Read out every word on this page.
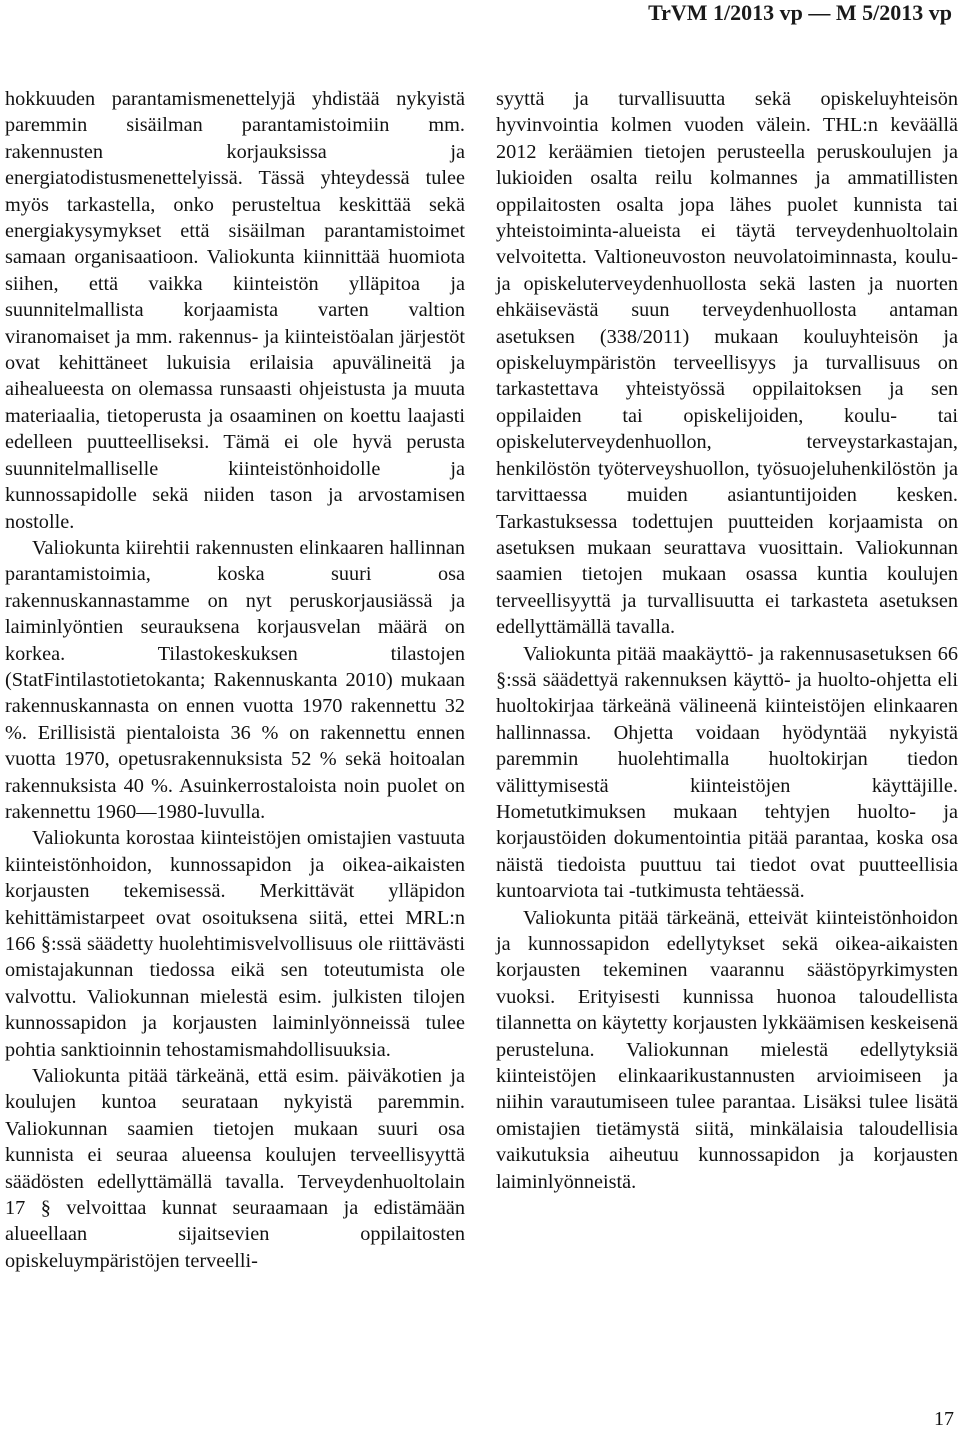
TrVM 1/2013 vp — M 5/2013 vp

hokkuuden parantamismenettelyjä yhdistää nykyistä paremmin sisäilman parantamistoimiin mm. rakennusten korjauksissa ja energiatodistusmenettelyissä. Tässä yhteydessä tulee myös tarkastella, onko perusteltua keskittää sekä energiakysymykset että sisäilman parantamistoimet samaan organisaatioon. Valiokunta kiinnittää huomiota siihen, että vaikka kiinteistön ylläpitoa ja suunnitelmallista korjaamista varten valtion viranomaiset ja mm. rakennus- ja kiinteistöalan järjestöt ovat kehittäneet lukuisia erilaisia apuvälineitä ja aihealueesta on olemassa runsaasti ohjeistusta ja muuta materiaalia, tietoperusta ja osaaminen on koettu laajasti edelleen puutteelliseksi. Tämä ei ole hyvä perusta suunnitelmalliselle kiinteistönhoidolle ja kunnossapidolle sekä niiden tason ja arvostamisen nostolle.

Valiokunta kiirehtii rakennusten elinkaaren hallinnan parantamistoimia, koska suuri osa rakennuskannastamme on nyt peruskorjausiässä ja laiminlyöntien seurauksena korjausvelan määrä on korkea. Tilastokeskuksen tilastojen (StatFintilastotietokanta; Rakennuskanta 2010) mukaan rakennuskannasta on ennen vuotta 1970 rakennettu 32 %. Erillisistä pientaloista 36 % on rakennettu ennen vuotta 1970, opetusrakennuksista 52 % sekä hoitoalan rakennuksista 40 %. Asuinkerrostaloista noin puolet on rakennettu 1960—1980-luvulla.

Valiokunta korostaa kiinteistöjen omistajien vastuuta kiinteistönhoidon, kunnossapidon ja oikea-aikaisten korjausten tekemisessä. Merkittävät ylläpidon kehittämistarpeet ovat osoituksena siitä, ettei MRL:n 166 §:ssä säädetty huolehtimisvelvollisuus ole riittävästi omistajakunnan tiedossa eikä sen toteutumista ole valvottu. Valiokunnan mielestä esim. julkisten tilojen kunnossapidon ja korjausten laiminlyönneissä tulee pohtia sanktioinnin tehostamismahdollisuuksia.

Valiokunta pitää tärkeänä, että esim. päiväkotien ja koulujen kuntoa seurataan nykyistä paremmin. Valiokunnan saamien tietojen mukaan suuri osa kunnista ei seuraa alueensa koulujen terveellisyyttä säädösten edellyttämällä tavalla. Terveydenhuoltolain 17 § velvoittaa kunnat seuraamaan ja edistämään alueellaan sijaitsevien oppilaitosten opiskeluympäristöjen terveelli-

syyttä ja turvallisuutta sekä opiskeluyhteisön hyvinvointia kolmen vuoden välein. THL:n keväällä 2012 keräämien tietojen perusteella peruskoulujen ja lukioiden osalta reilu kolmannes ja ammatillisten oppilaitosten osalta jopa lähes puolet kunnista tai yhteistoiminta-alueista ei täytä terveydenhuoltolain velvoitetta. Valtioneuvoston neuvolatoiminnasta, koulu- ja opiskeluterveydenhuollosta sekä lasten ja nuorten ehkäisevästä suun terveydenhuollosta antaman asetuksen (338/2011) mukaan kouluyhteisön ja opiskeluympäristön terveellisyys ja turvallisuus on tarkastettava yhteistyössä oppilaitoksen ja sen oppilaiden tai opiskelijoiden, koulu- tai opiskeluterveydenhuollon, terveystarkastajan, henkilöstön työterveyshuollon, työsuojeluhenkilöstön ja tarvittaessa muiden asiantuntijoiden kesken. Tarkastuksessa todettujen puutteiden korjaamista on asetuksen mukaan seurattava vuosittain. Valiokunnan saamien tietojen mukaan osassa kuntia koulujen terveellisyyttä ja turvallisuutta ei tarkasteta asetuksen edellyttämällä tavalla.

Valiokunta pitää maakäyttö- ja rakennusasetuksen 66 §:ssä säädettyä rakennuksen käyttö- ja huolto-ohjetta eli huoltokirjaa tärkeänä välineenä kiinteistöjen elinkaaren hallinnassa. Ohjetta voidaan hyödyntää nykyistä paremmin huolehtimalla huoltokirjan tiedon välittymisestä kiinteistöjen käyttäjille. Hometutkimuksen mukaan tehtyjen huolto- ja korjaustöiden dokumentointia pitää parantaa, koska osa näistä tiedoista puuttuu tai tiedot ovat puutteellisia kuntoarviota tai -tutkimusta tehtäessä.

Valiokunta pitää tärkeänä, etteivät kiinteistönhoidon ja kunnossapidon edellytykset sekä oikea-aikaisten korjausten tekeminen vaarannu säästöpyrkimysten vuoksi. Erityisesti kunnissa huonoa taloudellista tilannetta on käytetty korjausten lykkäämisen keskeisenä perusteluna. Valiokunnan mielestä edellytyksiä kiinteistöjen elinkaarikustannusten arvioimiseen ja niihin varautumiseen tulee parantaa. Lisäksi tulee lisätä omistajien tietämystä siitä, minkälaisia taloudellisia vaikutuksia aiheutuu kunnossapidon ja korjausten laiminlyönneistä.

17
